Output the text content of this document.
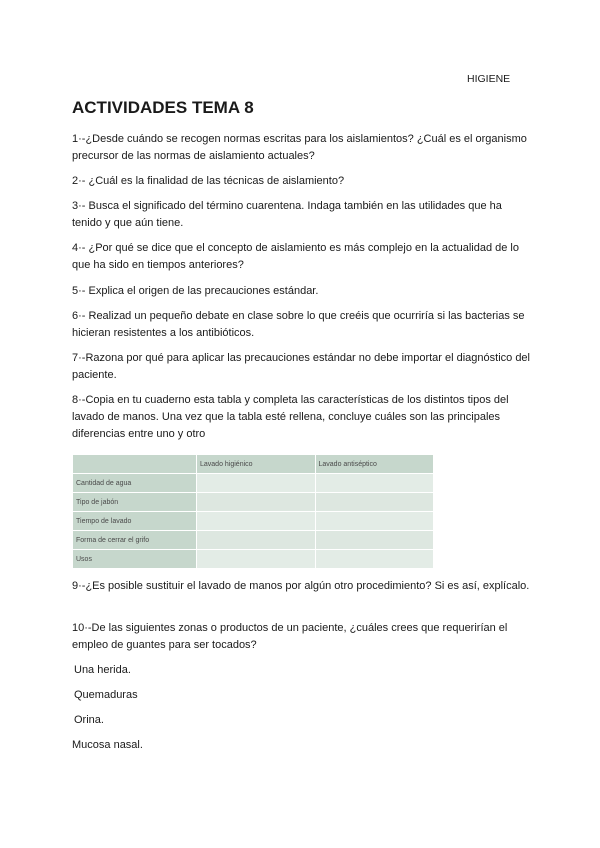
HIGIENE
ACTIVIDADES TEMA 8

1·-¿Desde cuándo se recogen normas escritas para los aislamientos? ¿Cuál es el organismo precursor de las normas de aislamiento actuales?

2·- ¿Cuál es la finalidad de las técnicas de aislamiento?

3·- Busca el significado del término cuarentena. Indaga también en las utilidades que ha tenido y que aún tiene.

4·- ¿Por qué se dice que el concepto de aislamiento es más complejo en la actualidad de lo que ha sido en tiempos anteriores?

5·- Explica el origen de las precauciones estándar.

6·- Realizad un pequeño debate en clase sobre lo que creéis que ocurriría si las bacterias se hicieran resistentes a los antibióticos.

7·-Razona por qué para aplicar las precauciones estándar no debe importar el diagnóstico del paciente.

8·-Copia en tu cuaderno esta tabla y completa las características de los distintos tipos del lavado de manos. Una vez que la tabla esté rellena, concluye cuáles son las principales diferencias entre uno y otro

	Lavado higiénico	Lavado antiséptico
Cantidad de agua		
Tipo de jabón		
Tiempo de lavado		
Forma de cerrar el grifo		
Usos		

9·-¿Es posible sustituir el lavado de manos por algún otro procedimiento? Si es así, explícalo.

10·-De las siguientes zonas o productos de un paciente, ¿cuáles crees que requerirían el empleo de guantes para ser tocados?

Una herida.

Quemaduras

Orina.

Mucosa nasal.
